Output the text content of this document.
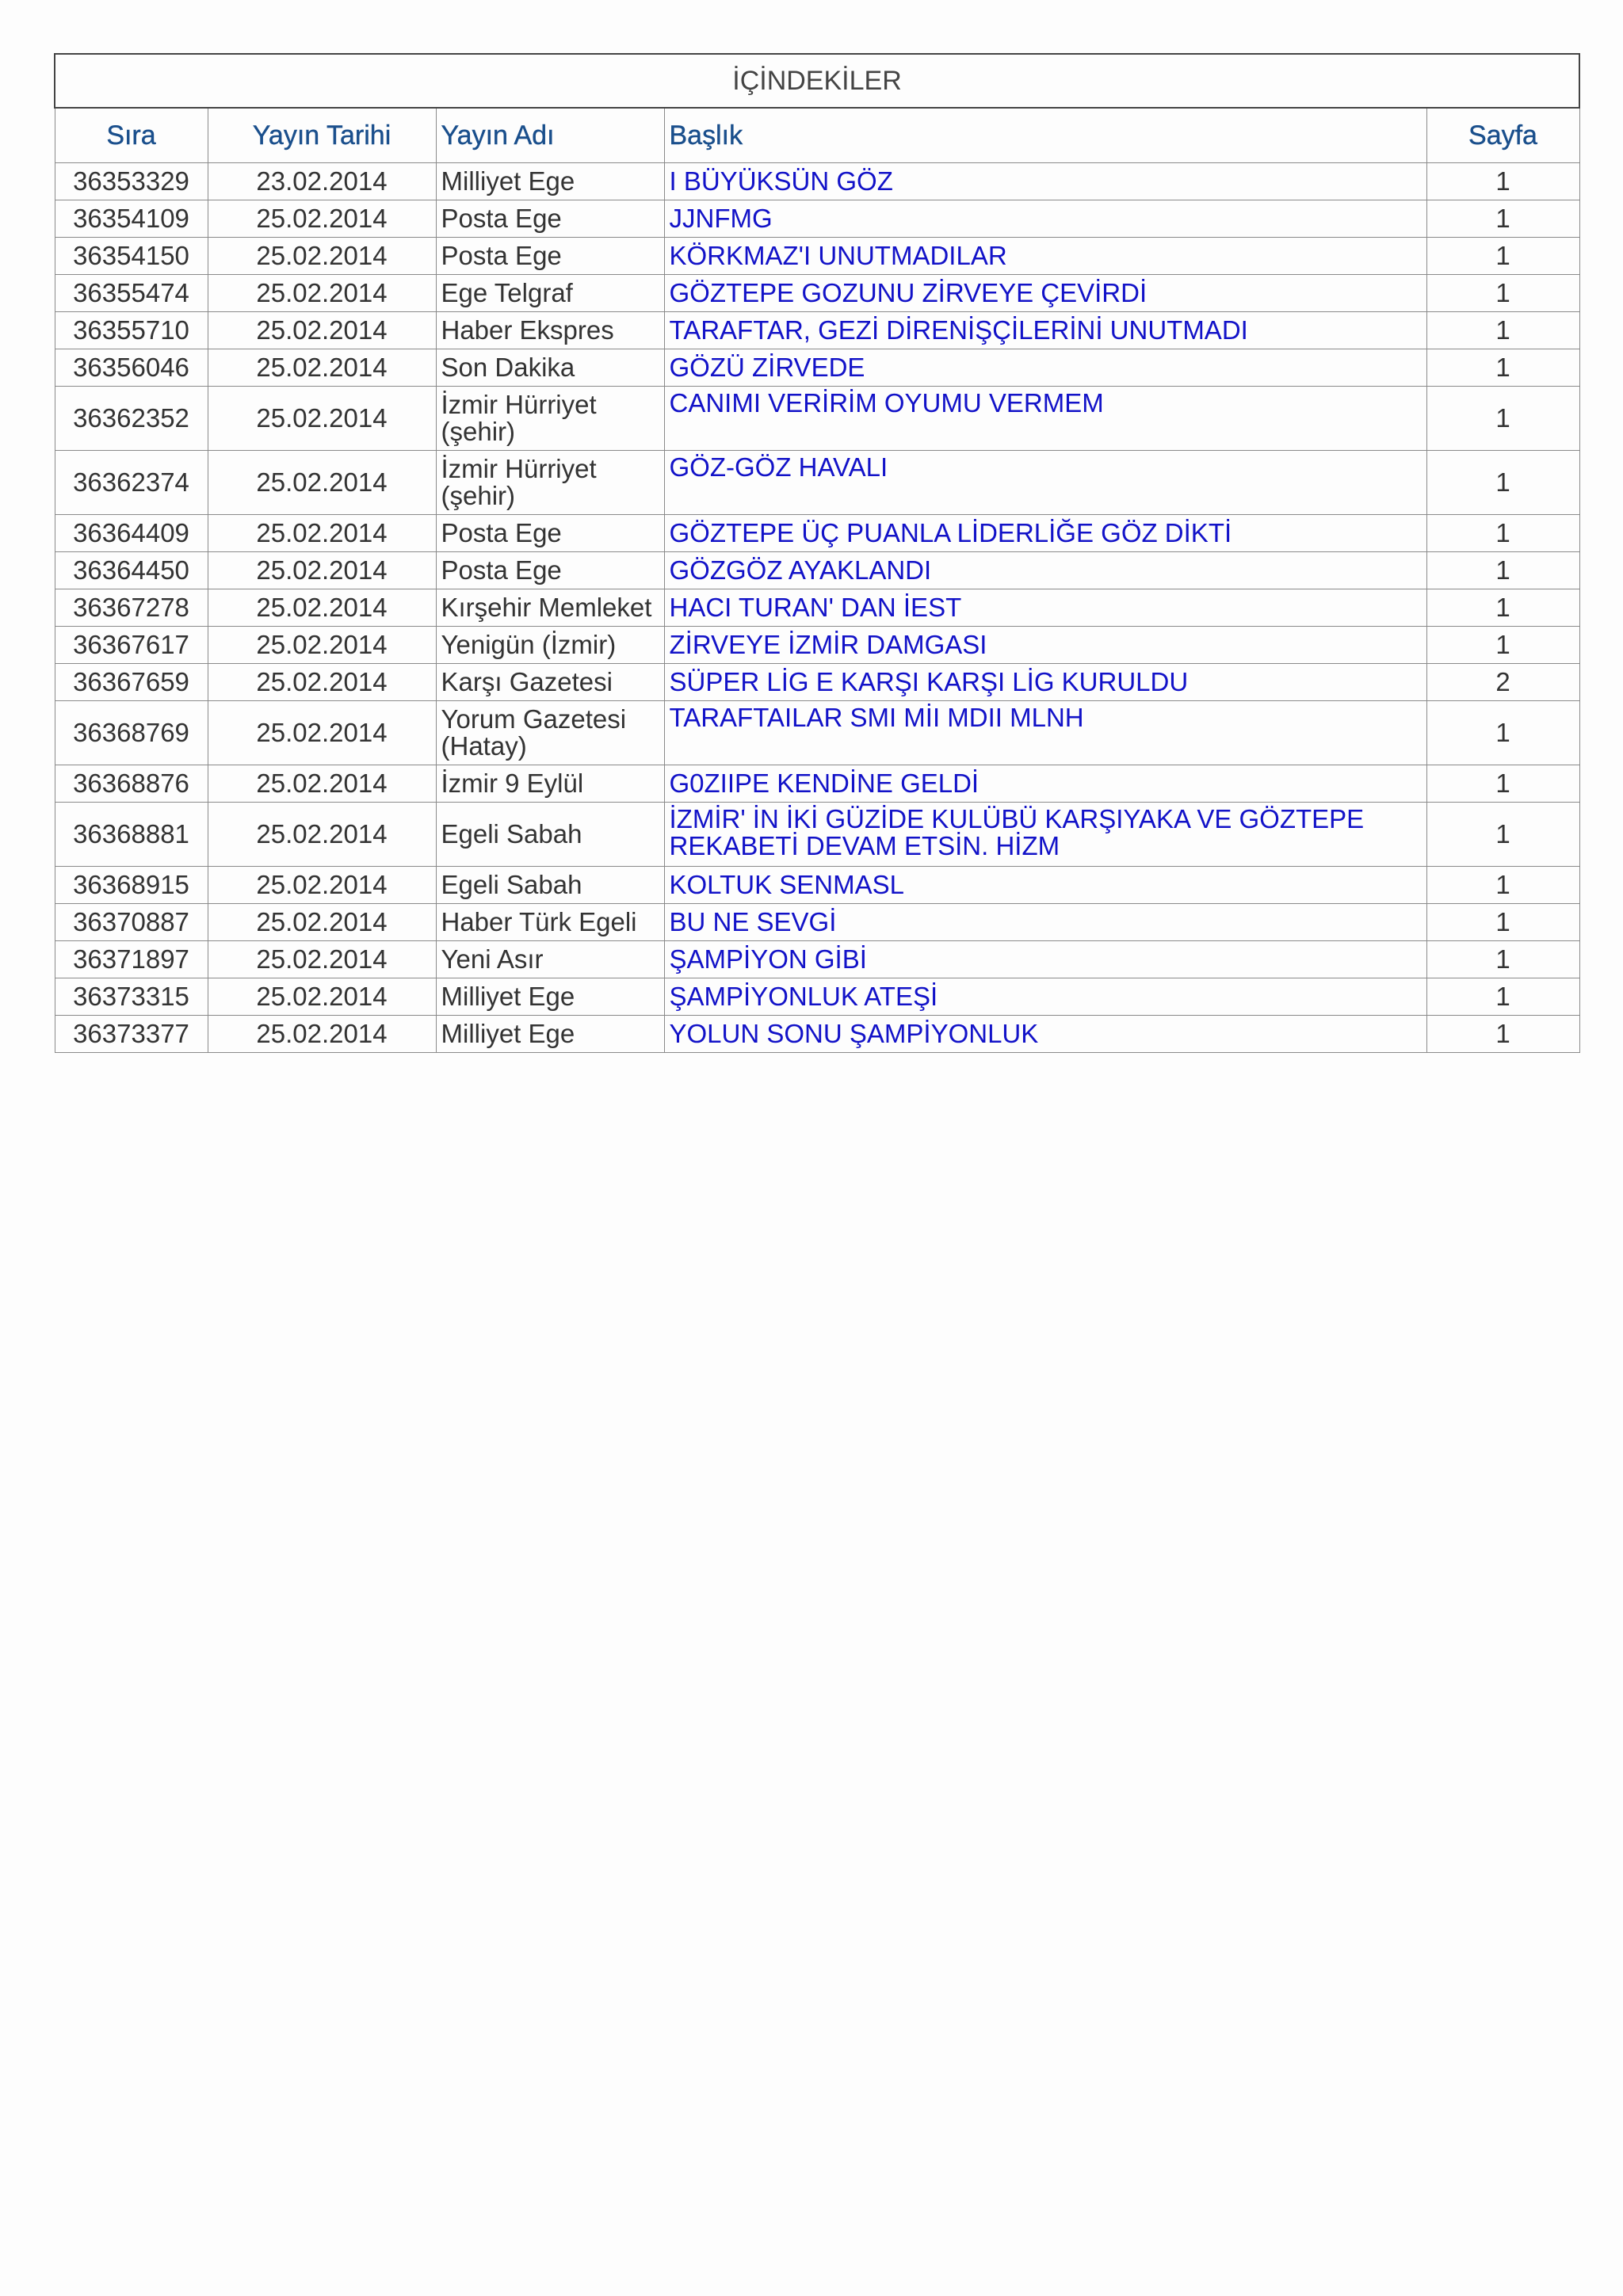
İÇİNDEKİLER				
Sıra	Yayın Tarihi	Yayın Adı	Başlık	Sayfa
36353329	23.02.2014	Milliyet Ege	I BÜYÜKSÜN GÖZ	1
36354109	25.02.2014	Posta Ege	JJNFMG	1
36354150	25.02.2014	Posta Ege	KÖRKMAZ'I UNUTMADILAR	1
36355474	25.02.2014	Ege Telgraf	GÖZTEPE GOZUNU ZİRVEYE ÇEVİRDİ	1
36355710	25.02.2014	Haber Ekspres	TARAFTAR, GEZİ DİRENİŞÇİLERİNİ UNUTMADI	1
36356046	25.02.2014	Son Dakika	GÖZÜ ZİRVEDE	1
36362352	25.02.2014	İzmir Hürriyet (şehir)	CANIMI VERİRİM OYUMU VERMEM	1
36362374	25.02.2014	İzmir Hürriyet (şehir)	GÖZ-GÖZ HAVALI	1
36364409	25.02.2014	Posta Ege	GÖZTEPE ÜÇ PUANLA LİDERLİĞE GÖZ DİKTİ	1
36364450	25.02.2014	Posta Ege	GÖZGÖZ AYAKLANDI	1
36367278	25.02.2014	Kırşehir Memleket	HACI TURAN' DAN İEST	1
36367617	25.02.2014	Yenigün (İzmir)	ZİRVEYE İZMİR DAMGASI	1
36367659	25.02.2014	Karşı Gazetesi	SÜPER LİG E KARŞI KARŞI LİG KURULDU	2
36368769	25.02.2014	Yorum Gazetesi (Hatay)	TARAFTAILAR SMI MİI MDII MLNH	1
36368876	25.02.2014	İzmir 9 Eylül	G0ZIIPE KENDİNE GELDİ	1
36368881	25.02.2014	Egeli Sabah	İZMİR' İN İKİ GÜZİDE KULÜBÜ KARŞIYAKA VE GÖZTEPE REKABETİ DEVAM ETSİN. HİZM	1
36368915	25.02.2014	Egeli Sabah	KOLTUK SENMASL	1
36370887	25.02.2014	Haber Türk Egeli	BU NE SEVGİ	1
36371897	25.02.2014	Yeni Asır	ŞAMPİYON GİBİ	1
36373315	25.02.2014	Milliyet Ege	ŞAMPİYONLUK ATEŞİ	1
36373377	25.02.2014	Milliyet Ege	YOLUN SONU ŞAMPİYONLUK	1
